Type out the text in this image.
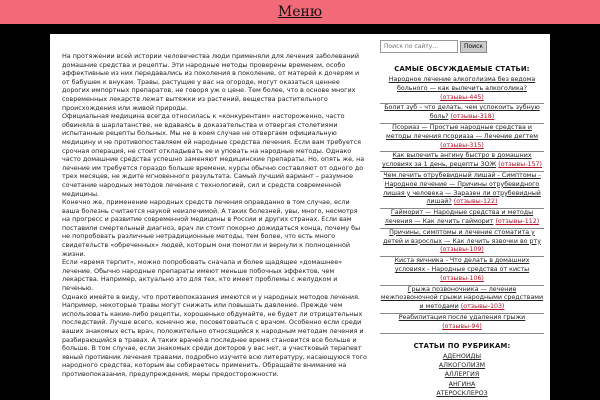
Меню

На протяжении всей истории человечества люди применяли для лечения заболеваний домашние средства и рецепты. Эти народные методы проверены временем, особо эффективные из них передавались из поколения в поколение, от матерей к дочерям и от бабушек к внукам. Травы, растущие у вас на огороде, могут оказаться ценнее дорогих импортных препаратов, не говоря уж о цене. Тем более, что в основе многих современных лекарств лежат вытяжки из растений, вещества растительного происхождения или живой природы.

Официальная медицина всегда относилась к «конкурентам» настороженно, часто обвиняла в шарлатанстве, не вдаваясь в доказательства и отвергая столетиями испытанные рецепты больных. Мы не в коем случае не отвергаем официальную медицину и не противопоставляем ей народные средства лечения. Если вам требуется срочная операция, не стоит откладывать ее и уповать на народные методы. Однако часто домашние средства успешно заменяют медицинские препараты. Но, опять же, на лечение им требуется гораздо больше времени, курсы обычно составляют от одного до трех месяцев, не ждите мгновенного результата. Самый лучший вариант – разумное сочетание народных методов лечения с технологией, сил и средств современной медицины.

Конечно же, применение народных средств лечения оправданно в том случае, если ваша болезнь считается наукой неизлечимой. А таких болезней, увы, много, несмотря на прогресс и развитие современной медицины в России и других странах. Если вам поставили смертельный диагноз, врач ли стоит покорно дожидаться конца, почему бы не попробовать различные нетрадиционные методы, тем более, что есть много свидетельств «обреченных» людей, которым они помогли и вернули к полноценной жизни.

Если «время терпит», можно попробовать сначала и более щадящее «домашнее» лечение. Обычно народные препараты имеют меньше побочных эффектов, чем лекарства. Например, актуально это для тех, кто имеет проблемы с желудком и печенью.

Однако имейте в виду, что противопоказания имеются и у народных методов лечения. Например, некоторые травы могут снижать или повышать давление. Прежде чем использовать какие-либо рецепты, хорошенько обдумайте, не будет ли отрицательных последствий. Лучше всего, конечно же, посоветоваться с врачом. Особенно если среди ваших знакомых есть врач, положительно относящийся к народным методам лечения и разбирающийся в травах. А таких врачей в последнее время становится все больше и больше. В том случае, если знакомых среди докторов у вас нет, а участковый терапевт явный противник лечения травами, подробно изучите всю литературу, касающуюся того народного средства, которым вы собираетесь применить. Обращайте внимание на противопоказания, предупреждения, меры предосторожности.

Поиск по сайту...
Поиск
САМЫЕ ОБСУЖДАЕМЫЕ СТАТЬИ:
Народное лечение алкоголизма без ведома больного — как вылечить алкоголика? (отзывы-445)
Болит зуб – что делать, чем успокоить зубную боль? (отзывы-318)
Псориаз — Простые народные средства и методы лечения псориаза — Лечение дегтем (отзывы-315)
Как вылечить ангину быстро в домашних условиях за 1 день, рецепты ЗОЖ (отзывы-157)
Чем лечить отрубевидный лишай - Симптомы - Народное лечение — Причины отрубевидного лишая у человека — Заразен ли отрубевидный лишай? (отзывы-122)
Гайморит — Народные средства и методы лечения — Как лечить гайморит (отзывы-112)
Причины, симптомы и лечение стоматита у детей и взрослых — Как лечить язвочки во рту (отзывы-109)
Киста яичника - Что делать в домашних условиях - Народные средства от кисты (отзывы-106)
Грыжа позвоночника — лечение межпозвоночной грыжи народными средствами и методами (отзывы-103)
Реабилитация после удаления грыжи (отзывы-94)
СТАТЬИ ПО РУБРИКАМ:
АДЕНОИДЫ
АЛКОГОЛИЗМ
АЛЛЕРГИЯ
АНГИНА
АТЕРОСКЛЕРОЗ
